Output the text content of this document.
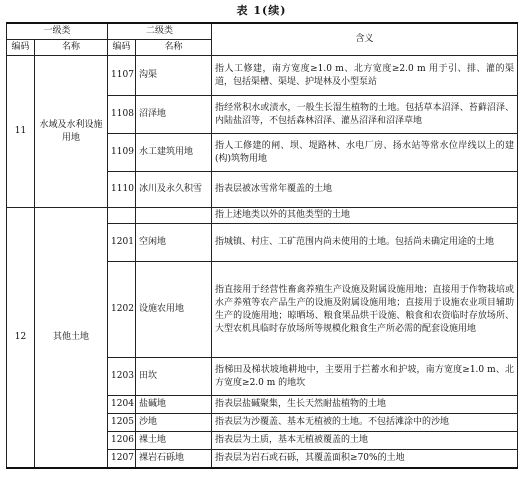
表 1(续)
一级类		二级类		含义
编码	名称	编码	名称	
11	水域及水利设施用地	1107	沟渠	指人工修建，南方宽度≥1.0 m、北方宽度≥2.0 m 用于引、排、灌的渠道，包括渠槽、渠堤、护堤林及小型泵站
		1108	沼泽地	指经常积水或渍水，一般生长湿生植物的土地。包括草本沼泽、苔藓沼泽、内陆盐沼等，不包括森林沼泽、灌丛沼泽和沼泽草地
		1109	水工建筑用地	指人工修建的闸、坝、堤路林、水电厂房、扬水站等常水位岸线以上的建(构)筑物用地
		1110	冰川及永久积雪	指表层被冰雪常年覆盖的土地
12	其他土地			指上述地类以外的其他类型的土地
		1201	空闲地	指城镇、村庄、工矿范围内尚未使用的土地。包括尚未确定用途的土地
		1202	设施农用地	指直接用于经营性畜禽养殖生产设施及附属设施用地；直接用于作物栽培或水产养殖等农产品生产的设施及附属设施用地；直接用于设施农业项目辅助生产的设施用地；晾晒场、粮食果品烘干设施、粮食和农资临时存放场所、大型农机具临时存放场所等规模化粮食生产所必需的配套设施用地
		1203	田坎	指梯田及梯状坡地耕地中，主要用于拦蓄水和护坡，南方宽度≥1.0 m、北方宽度≥2.0 m 的地坎
		1204	盐碱地	指表层盐碱聚集，生长天然耐盐植物的土地
		1205	沙地	指表层为沙覆盖、基本无植被的土地。不包括滩涂中的沙地
		1206	裸土地	指表层为土质，基本无植被覆盖的土地
		1207	裸岩石砾地	指表层为岩石或石砾，其覆盖面积≥70%的土地
